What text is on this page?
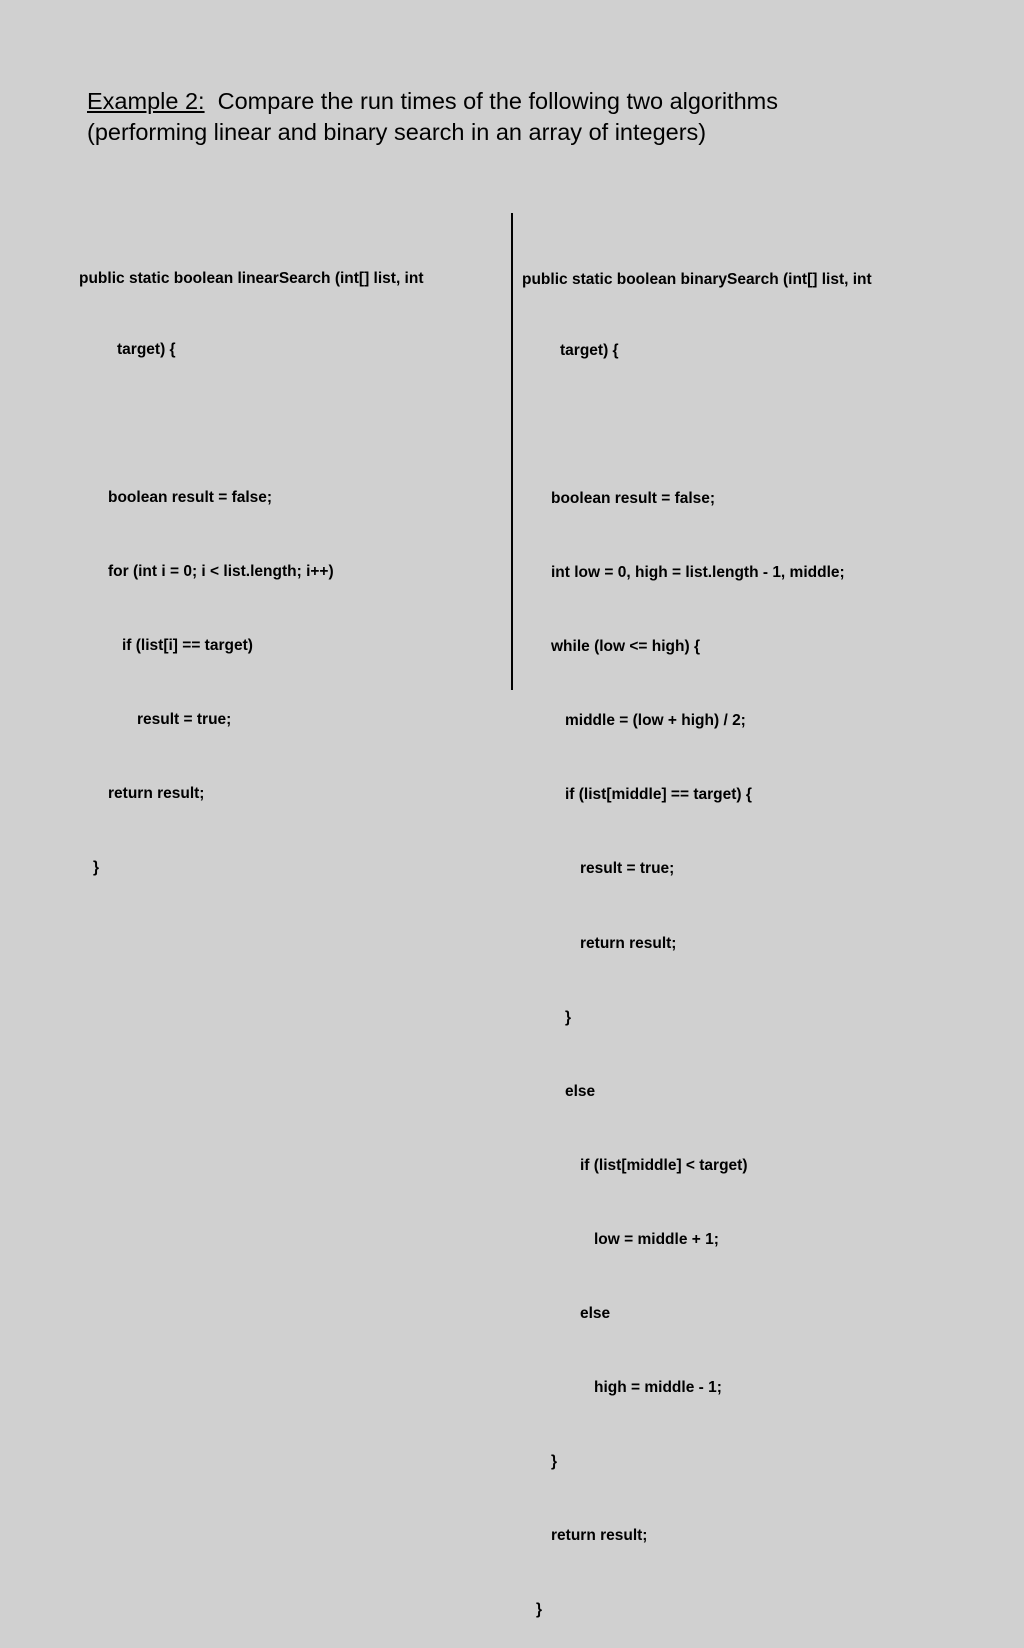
Example 2: Compare the run times of the following two algorithms
(performing linear and binary search in an array of integers)

public static boolean linearSearch (int[] list, int

target) {

boolean result = false;

for (int i = 0; i < list.length; i++)

if (list[i] == target)

result = true;

return result;

}

public static boolean binarySearch (int[] list, int

target) {

boolean result = false;

int low = 0, high = list.length - 1, middle;

while (low <= high) {

middle = (low + high) / 2;

if (list[middle] == target) {

result = true;

return result;

}

else

if (list[middle] < target)

low = middle + 1;

else

high = middle - 1;

}

return result;

}
